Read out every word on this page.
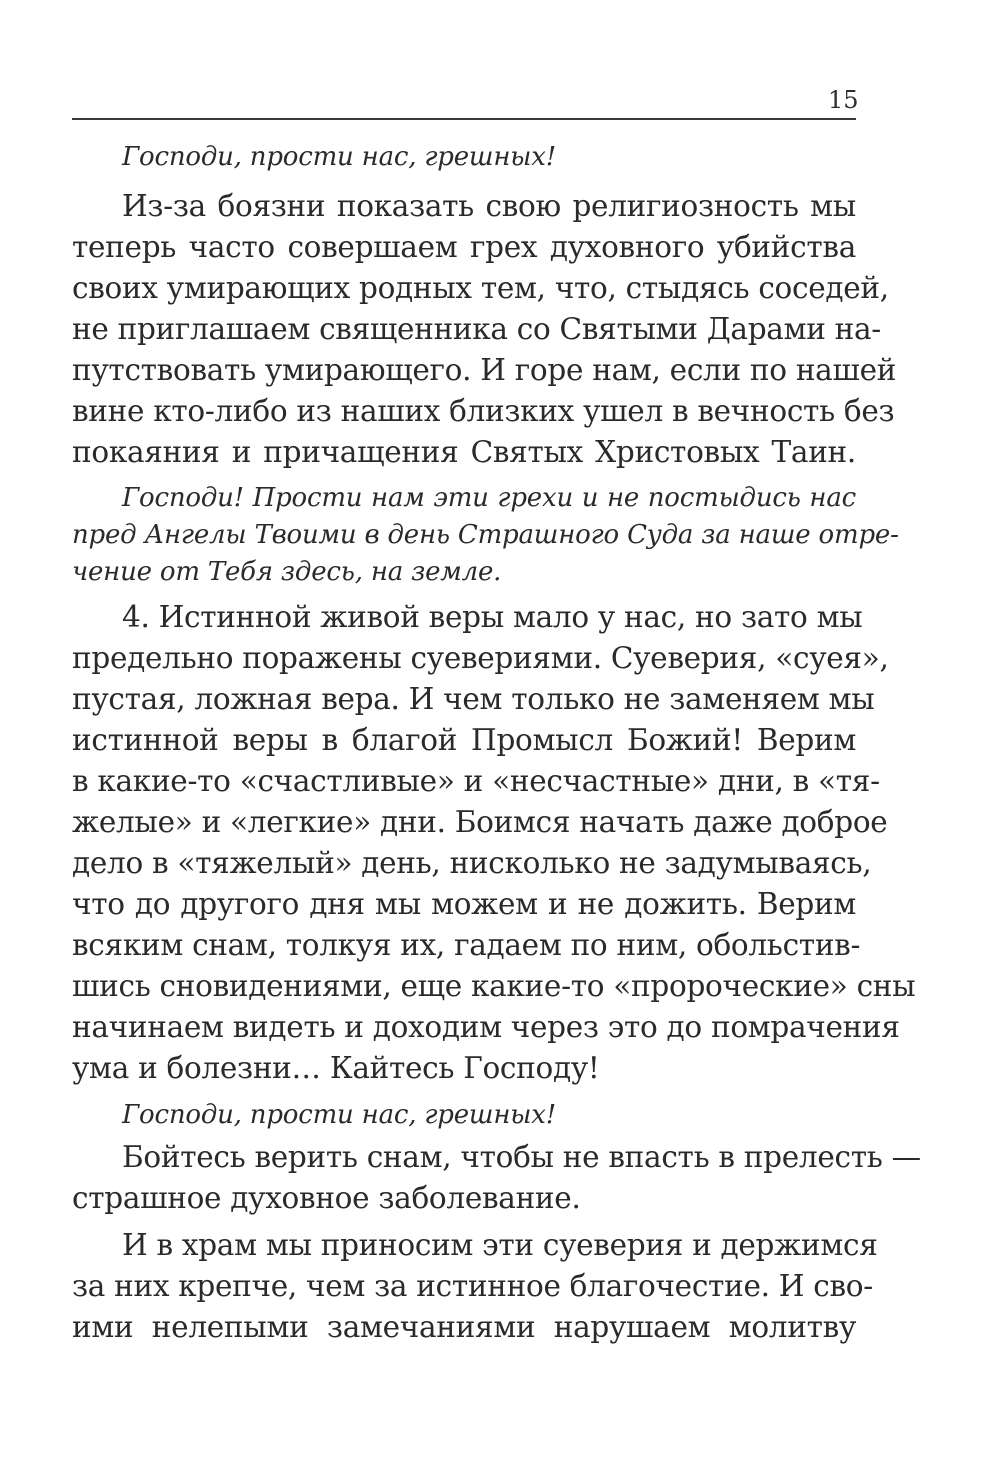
15
Господи, прости нас, грешных!
Из-за боязни показать свою религиозность мы
теперь часто совершаем грех духовного убийства
своих умирающих родных тем, что, стыдясь соседей,
не приглашаем священника со Святыми Дарами на-
путствовать умирающего. И горе нам, если по нашей
вине кто-либо из наших близких ушел в вечность без
покаяния и причащения Святых Христовых Таин.
Господи! Прости нам эти грехи и не постыдись нас
пред Ангелы Твоими в день Страшного Суда за наше отре-
чение от Тебя здесь, на земле.
4. Истинной живой веры мало у нас, но зато мы
предельно поражены суевериями. Суеверия, «суея»,
пустая, ложная вера. И чем только не заменяем мы
истинной веры в благой Промысл Божий! Верим
в какие-то «счастливые» и «несчастные» дни, в «тя-
желые» и «легкие» дни. Боимся начать даже доброе
дело в «тяжелый» день, нисколько не задумываясь,
что до другого дня мы можем и не дожить. Верим
всяким снам, толкуя их, гадаем по ним, обольстив-
шись сновидениями, еще какие-то «пророческие» сны
начинаем видеть и доходим через это до помрачения
ума и болезни… Кайтесь Господу!
Господи, прости нас, грешных!
Бойтесь верить снам, чтобы не впасть в прелесть —
страшное духовное заболевание.
И в храм мы приносим эти суеверия и держимся
за них крепче, чем за истинное благочестие. И сво-
ими нелепыми замечаниями нарушаем молитву
